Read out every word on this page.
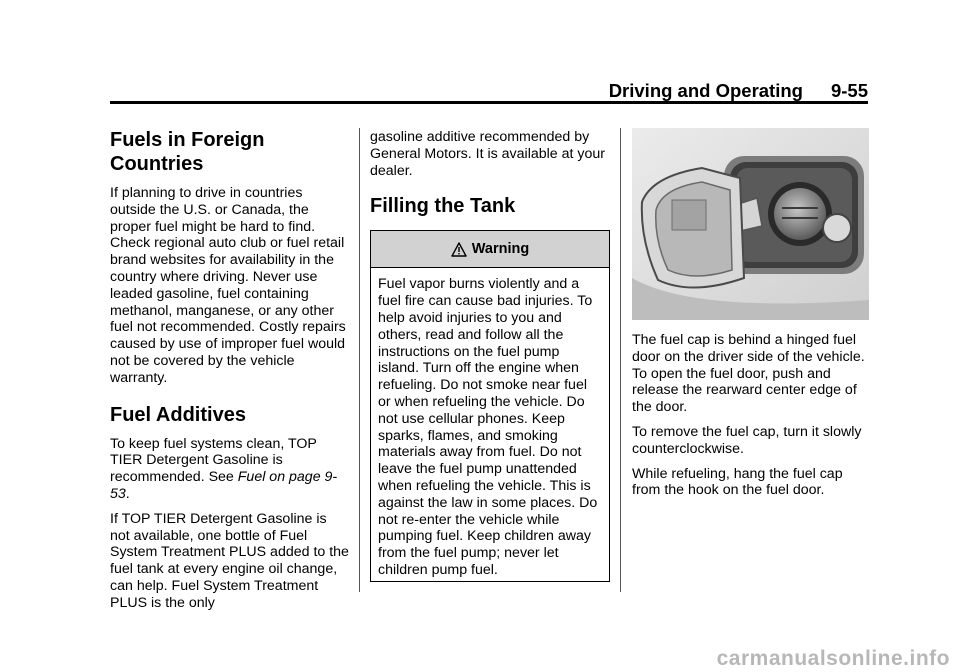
Driving and Operating 9-55
Fuels in Foreign Countries

If planning to drive in countries outside the U.S. or Canada, the proper fuel might be hard to find. Check regional auto club or fuel retail brand websites for availability in the country where driving. Never use leaded gasoline, fuel containing methanol, manganese, or any other fuel not recommended. Costly repairs caused by use of improper fuel would not be covered by the vehicle warranty.

Fuel Additives

To keep fuel systems clean, TOP TIER Detergent Gasoline is recommended. See Fuel on page 9-53.

If TOP TIER Detergent Gasoline is not available, one bottle of Fuel System Treatment PLUS added to the fuel tank at every engine oil change, can help. Fuel System Treatment PLUS is the only

gasoline additive recommended by General Motors. It is available at your dealer.

Filling the Tank
Warning

Fuel vapor burns violently and a fuel fire can cause bad injuries. To help avoid injuries to you and others, read and follow all the instructions on the fuel pump island. Turn off the engine when refueling. Do not smoke near fuel or when refueling the vehicle. Do not use cellular phones. Keep sparks, flames, and smoking materials away from fuel. Do not leave the fuel pump unattended when refueling the vehicle. This is against the law in some places. Do not re-enter the vehicle while pumping fuel. Keep children away from the fuel pump; never let children pump fuel.

The fuel cap is behind a hinged fuel door on the driver side of the vehicle. To open the fuel door, push and release the rearward center edge of the door.

To remove the fuel cap, turn it slowly counterclockwise.

While refueling, hang the fuel cap from the hook on the fuel door.

carmanualsonline.info
